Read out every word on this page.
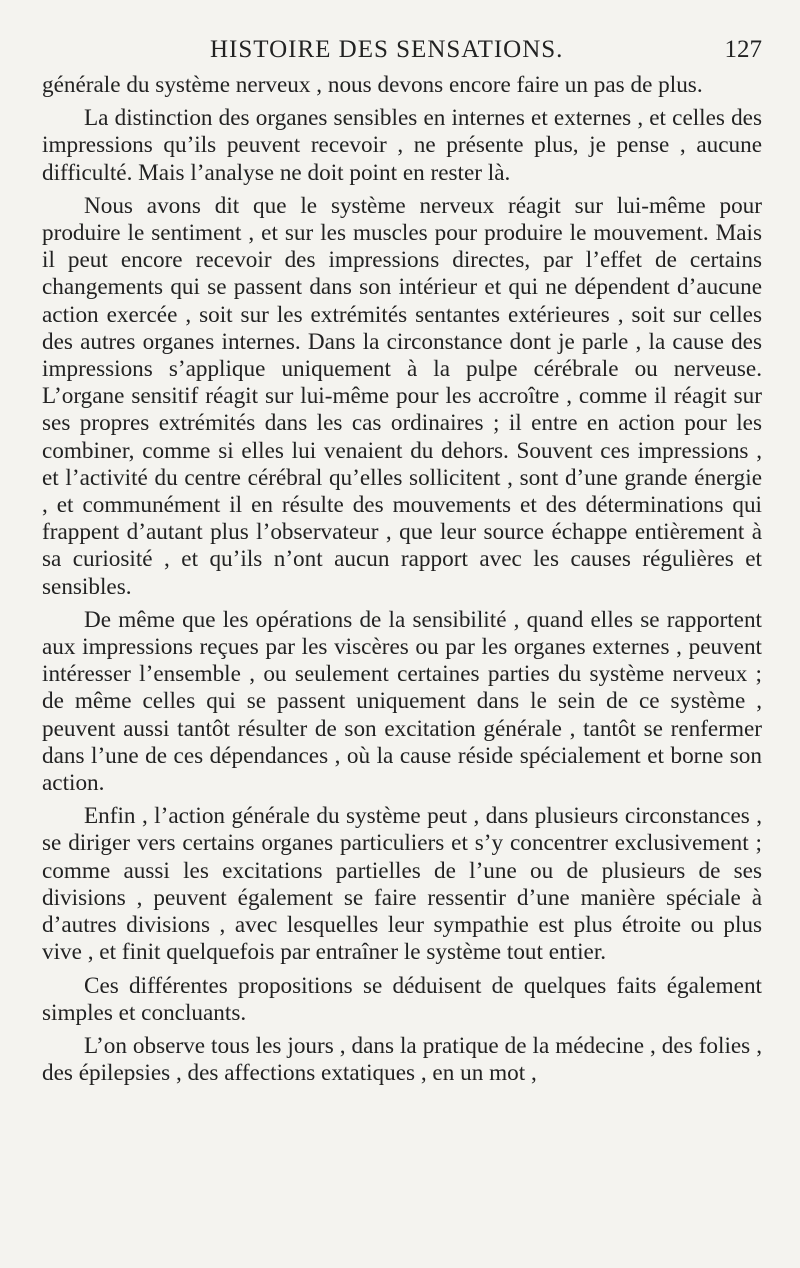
HISTOIRE DES SENSATIONS.	127

générale du système nerveux , nous devons encore faire un pas de plus.

La distinction des organes sensibles en internes et externes , et celles des impressions qu’ils peuvent recevoir , ne présente plus, je pense , aucune difficulté. Mais l’analyse ne doit point en rester là.

Nous avons dit que le système nerveux réagit sur lui-même pour produire le sentiment , et sur les muscles pour produire le mouvement. Mais il peut encore recevoir des impressions directes, par l’effet de certains changements qui se passent dans son intérieur et qui ne dépendent d’aucune action exercée , soit sur les extrémités sentantes extérieures , soit sur celles des autres organes internes. Dans la circonstance dont je parle , la cause des impressions s’applique uniquement à la pulpe cérébrale ou nerveuse. L’organe sensitif réagit sur lui-même pour les accroître , comme il réagit sur ses propres extrémités dans les cas ordinaires ; il entre en action pour les combiner, comme si elles lui venaient du dehors. Souvent ces impressions , et l’activité du centre cérébral qu’elles sollicitent , sont d’une grande énergie , et communément il en résulte des mouvements et des déterminations qui frappent d’autant plus l’observateur , que leur source échappe entièrement à sa curiosité , et qu’ils n’ont aucun rapport avec les causes régulières et sensibles.

De même que les opérations de la sensibilité , quand elles se rapportent aux impressions reçues par les viscères ou par les organes externes , peuvent intéresser l’ensemble , ou seulement certaines parties du système nerveux ; de même celles qui se passent uniquement dans le sein de ce système , peuvent aussi tantôt résulter de son excitation générale , tantôt se renfermer dans l’une de ces dépendances , où la cause réside spécialement et borne son action.

Enfin , l’action générale du système peut , dans plusieurs circonstances , se diriger vers certains organes particuliers et s’y concentrer exclusivement ; comme aussi les excitations partielles de l’une ou de plusieurs de ses divisions , peuvent également se faire ressentir d’une manière spéciale à d’autres divisions , avec lesquelles leur sympathie est plus étroite ou plus vive , et finit quelquefois par entraîner le système tout entier.

Ces différentes propositions se déduisent de quelques faits également simples et concluants.

L’on observe tous les jours , dans la pratique de la médecine , des folies , des épilepsies , des affections extatiques , en un mot ,
